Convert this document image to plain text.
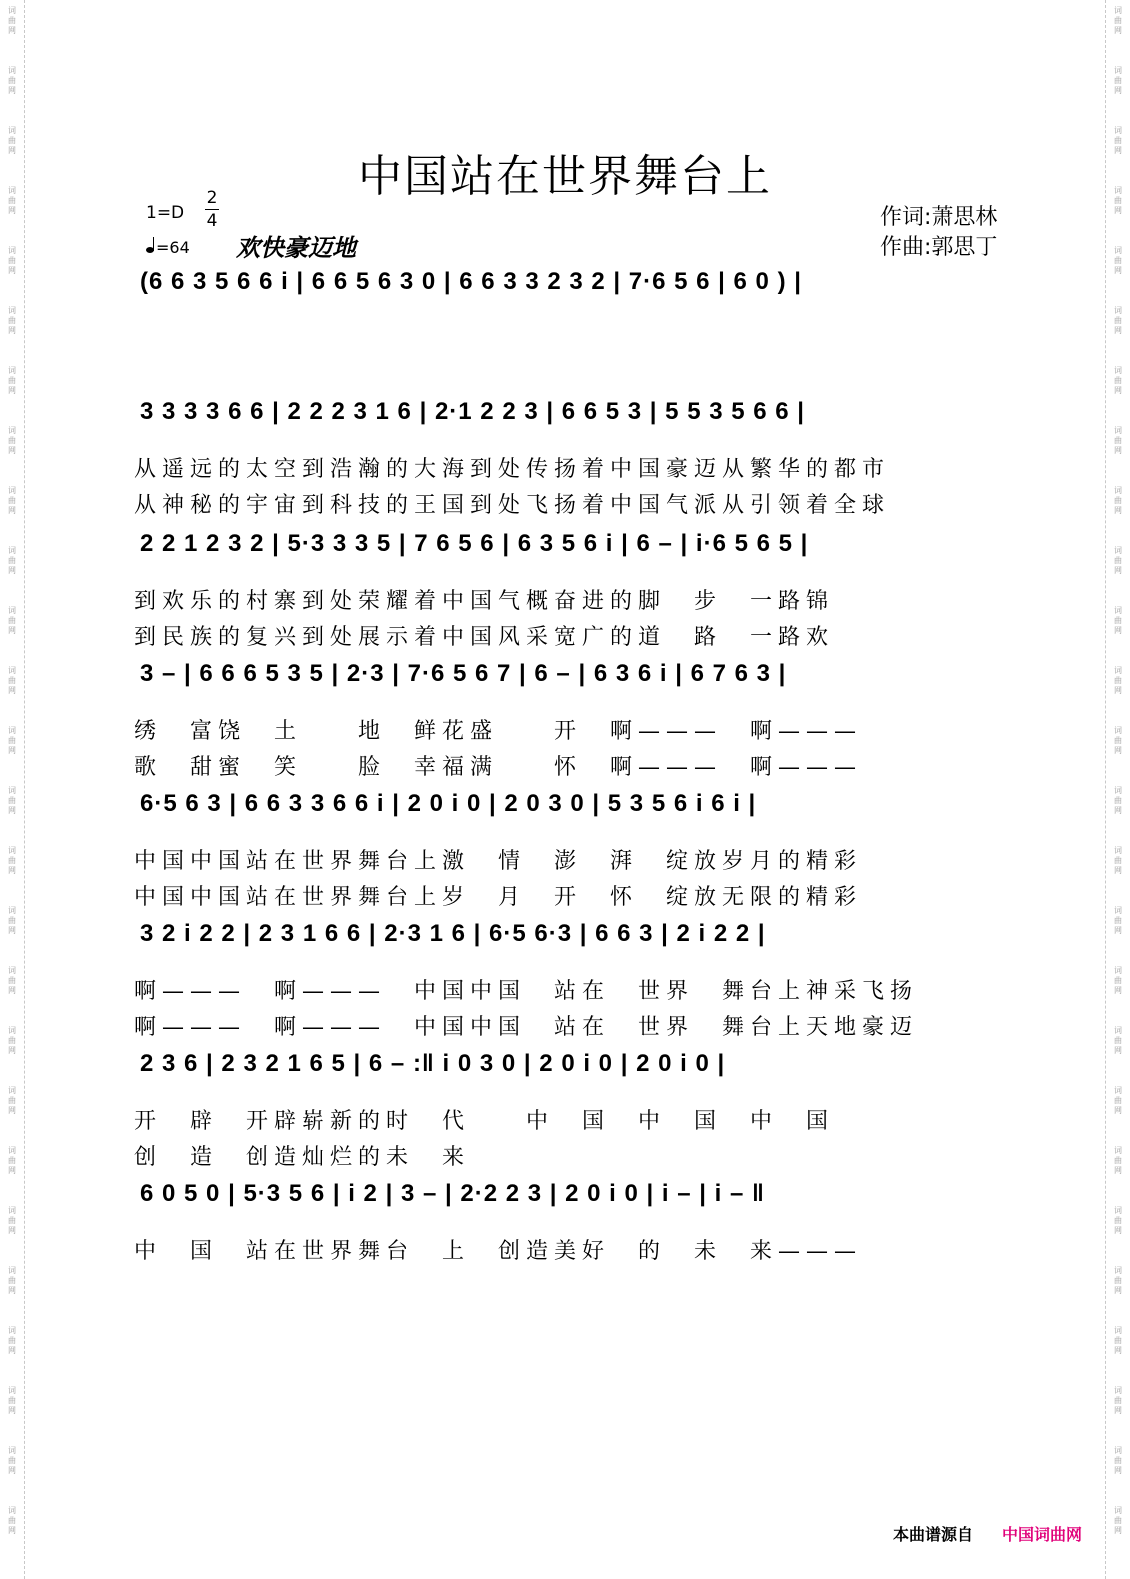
词
曲
网
词
曲
网
词
曲
网
词
曲
网
词
曲
网
词
曲
网
词
曲
网
词
曲
网
词
曲
网
词
曲
网
词
曲
网
词
曲
网
词
曲
网
词
曲
网
词
曲
网
词
曲
网
词
曲
网
词
曲
网
词
曲
网
词
曲
网
词
曲
网
词
曲
网
词
曲
网
词
曲
网
词
曲
网
词
曲
网
词
曲
网
词
曲
网
词
曲
网
词
曲
网
词
曲
网
词
曲
网
词
曲
网
词
曲
网
词
曲
网
词
曲
网
词
曲
网
词
曲
网
词
曲
网
词
曲
网
词
曲
网
词
曲
网
词
曲
网
词
曲
网
词
曲
网
词
曲
网
词
曲
网
词
曲
网
词
曲
网
词
曲
网
词
曲
网
词
曲
网
中国站在世界舞台上
1=D
2
4
=64 欢快豪迈地
作词:萧思林
作曲:郭思丁
(6 6 3 5 6 6 i | 6 6 5 6 3 0 | 6 6 3 3 2 3 2 | 7·6 5 6 | 6 0 ) |
3 3 3 3 6 6 | 2 2 2 3 1 6 | 2·1 2 2 3 | 6 6 5 3 | 5 5 3 5 6 6 |
2 2 1 2 3 2 | 5·3 3 3 5 | 7 6 5 6 | 6 3 5 6 i | 6 – | i·6 5 6 5 |
3 – | 6 6 6 5 3 5 | 2·3 | 7·6 5 6 7 | 6 – | 6 3 6 i | 6 7 6 3 |
6·5 6 3 | 6 6 3 3 6 6 i | 2 0 i 0 | 2 0 3 0 | 5 3 5 6 i 6 i |
3 2 i 2 2 | 2 3 1 6 6 | 2·3 1 6 | 6·5 6·3 | 6 6 3 | 2 i 2 2 |
2 3 6 | 2 3 2 1 6 5 | 6 – :‖ i 0 3 0 | 2 0 i 0 | 2 0 i 0 |
6 0 5 0 | 5·3 5 6 | i 2 | 3 – | 2·2 2 3 | 2 0 i 0 | i – | i – ‖
从遥远的太空到浩瀚的大海到处传扬着中国豪迈从繁华的都市
从神秘的宇宙到科技的王国到处飞扬着中国气派从引领着全球
到欢乐的村寨到处荣耀着中国气概奋进的脚　步　一路锦
到民族的复兴到处展示着中国风采宽广的道　路　一路欢
绣　富饶　土　　地　鲜花盛　　开　啊———　啊———
歌　甜蜜　笑　　脸　幸福满　　怀　啊———　啊———
中国中国站在世界舞台上激　情　澎　湃　绽放岁月的精彩
中国中国站在世界舞台上岁　月　开　怀　绽放无限的精彩
啊———　啊———　中国中国　站在　世界　舞台上神采飞扬
啊———　啊———　中国中国　站在　世界　舞台上天地豪迈
开　辟　开辟崭新的时　代　　中　国　中　国　中　国
创　造　创造灿烂的未　来
中　国　站在世界舞台　上　创造美好　的　未　来———
本曲谱源自 中国词曲网
